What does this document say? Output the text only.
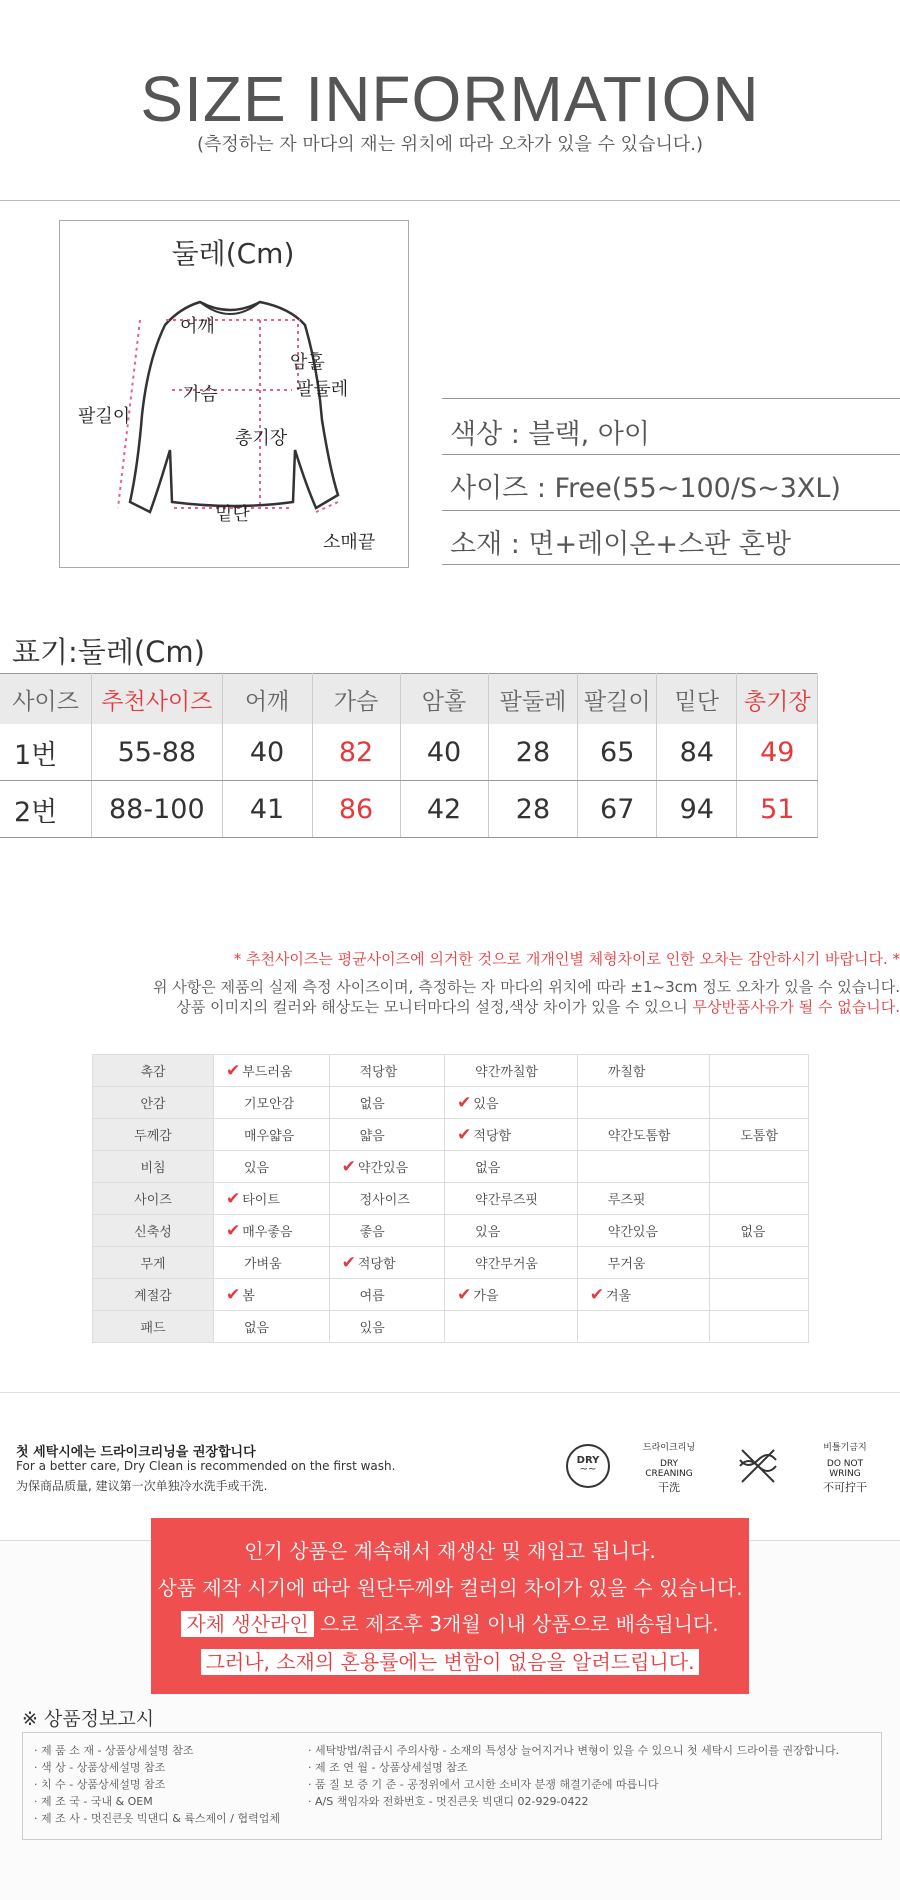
SIZE INFORMATION
(측정하는 자 마다의 재는 위치에 따라 오차가 있을 수 있습니다.)
둘레(Cm)
어깨
암홀
팔둘레
가슴
팔길이
총기장
밑단
소매끝
색상 : 블랙, 아이
사이즈 : Free(55~100/S~3XL)
소재 : 면+레이온+스판 혼방
표기:둘레(Cm)
사이즈	추천사이즈	어깨	가슴	암홀	팔둘레	팔길이	밑단	총기장
1번	55-88	40	82	40	28	65	84	49
2번	88-100	41	86	42	28	67	94	51
* 추천사이즈는 평균사이즈에 의거한 것으로 개개인별 체형차이로 인한 오차는 감안하시기 바랍니다. *
위 사항은 제품의 실제 측정 사이즈이며, 측정하는 자 마다의 위치에 따라 ±1~3cm 정도 오차가 있을 수 있습니다.
상품 이미지의 컬러와 해상도는 모니터마다의 설정,색상 차이가 있을 수 있으니 무상반품사유가 될 수 없습니다.
촉감	✔ 부드러움	적당함	약간까칠함	까칠함	
안감	기모안감	없음	✔ 있음		
두께감	매우얇음	얇음	✔ 적당함	약간도톰함	도톰함
비침	있음	✔ 약간있음	없음		
사이즈	✔ 타이트	정사이즈	약간루즈핏	루즈핏	
신축성	✔ 매우좋음	좋음	있음	약간있음	없음
무게	가벼움	✔ 적당함	약간무거움	무거움	
계절감	✔ 봄	여름	✔ 가을	✔ 겨울	
패드	없음	있음			
첫 세탁시에는 드라이크리닝을 권장합니다
For a better care, Dry Clean is recommended on the first wash.
为保商品质量, 建议第一次单独冷水洗手或干洗.
DRY
~~
드라이크리닝
DRY
CREANING
干洗
비틀기금지
DO NOT
WRING
不可拧干
인기 상품은 계속해서 재생산 및 재입고 됩니다.
상품 제작 시기에 따라 원단두께와 컬러의 차이가 있을 수 있습니다.
자체 생산라인 으로 제조후 3개월 이내 상품으로 배송됩니다.
그러나, 소재의 혼용률에는 변함이 없음을 알려드립니다.
※ 상품정보고시
· 제 품 소 재 - 상품상세설명 참조
· 색 상 - 상품상세설명 참조
· 치 수 - 상품상세설명 참조
· 제 조 국 - 국내 & OEM
· 제 조 사 - 멋진큰옷 빅댄디 & 륙스제이 / 협력업체
· 세탁방법/취급시 주의사항 - 소재의 특성상 늘어지거나 변형이 있을 수 있으니 첫 세탁시 드라이를 권장합니다.
· 제 조 연 월 - 상품상세설명 참조
· 품 질 보 증 기 준 - 공정위에서 고시한 소비자 분쟁 해결기준에 따릅니다
· A/S 책임자와 전화번호 - 멋진큰옷 빅댄디 02-929-0422
